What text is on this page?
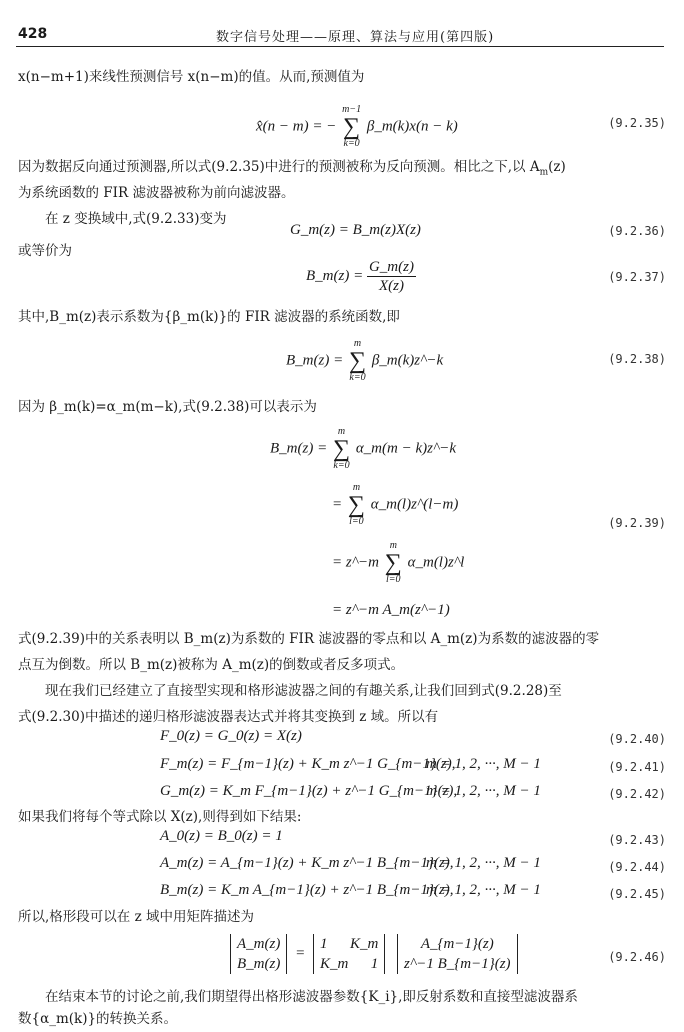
428	数字信号处理——原理、算法与应用(第四版)
x(n−m+1)来线性预测信号 x(n−m)的值。从而,预测值为
x̂(n − m) = −
m−1
∑
k=0
β_m(k)x(n − k)	(9.2.35)
因为数据反向通过预测器,所以式(9.2.35)中进行的预测被称为反向预测。相比之下,以 $A_m(z)$
为系统函数的 FIR 滤波器被称为前向滤波器。
在 z 变换域中,式(9.2.33)变为
G_m(z) = B_m(z)X(z)	(9.2.36)
或等价为
B_m(z) = $\frac{G\_m(z)}{X(z)}$	(9.2.37)
其中,B_m(z)表示系数为{β_m(k)}的 FIR 滤波器的系统函数,即
B_m(z) =
m
∑
k=0
β_m(k)z^−k	(9.2.38)
因为 β_m(k)=α_m(m−k),式(9.2.38)可以表示为
B_m(z) =
m
∑
k=0
α_m(m − k)z^−k
=
m
∑
l=0
α_m(l)z^(l−m)
(9.2.39)
= z^−m
m
∑
l=0
α_m(l)z^l
= z^−m A_m(z^−1)
式(9.2.39)中的关系表明以 B_m(z)为系数的 FIR 滤波器的零点和以 A_m(z)为系数的滤波器的零
点互为倒数。所以 B_m(z)被称为 A_m(z)的倒数或者反多项式。
现在我们已经建立了直接型实现和格形滤波器之间的有趣关系,让我们回到式(9.2.28)至
式(9.2.30)中描述的递归格形滤波器表达式并将其变换到 z 域。所以有
F_0(z) = G_0(z) = X(z)	(9.2.40)
F_m(z) = F_{m−1}(z) + K_m z^−1 G_{m−1}(z),
m = 1, 2, ···, M − 1	(9.2.41)
G_m(z) = K_m F_{m−1}(z) + z^−1 G_{m−1}(z),
m = 1, 2, ···, M − 1	(9.2.42)
如果我们将每个等式除以 X(z),则得到如下结果:
A_0(z) = B_0(z) = 1	(9.2.43)
A_m(z) = A_{m−1}(z) + K_m z^−1 B_{m−1}(z),
m = 1, 2, ···, M − 1	(9.2.44)
B_m(z) = K_m A_{m−1}(z) + z^−1 B_{m−1}(z),
m = 1, 2, ···, M − 1	(9.2.45)
所以,格形段可以在 z 域中用矩阵描述为
A_m(z)
B_m(z)
=
1      K_m
K_m      1

A_{m−1}(z)
z^−1 B_{m−1}(z)	(9.2.46)
在结束本节的讨论之前,我们期望得出格形滤波器参数{K_i},即反射系数和直接型滤波器系
数{α_m(k)}的转换关系。
